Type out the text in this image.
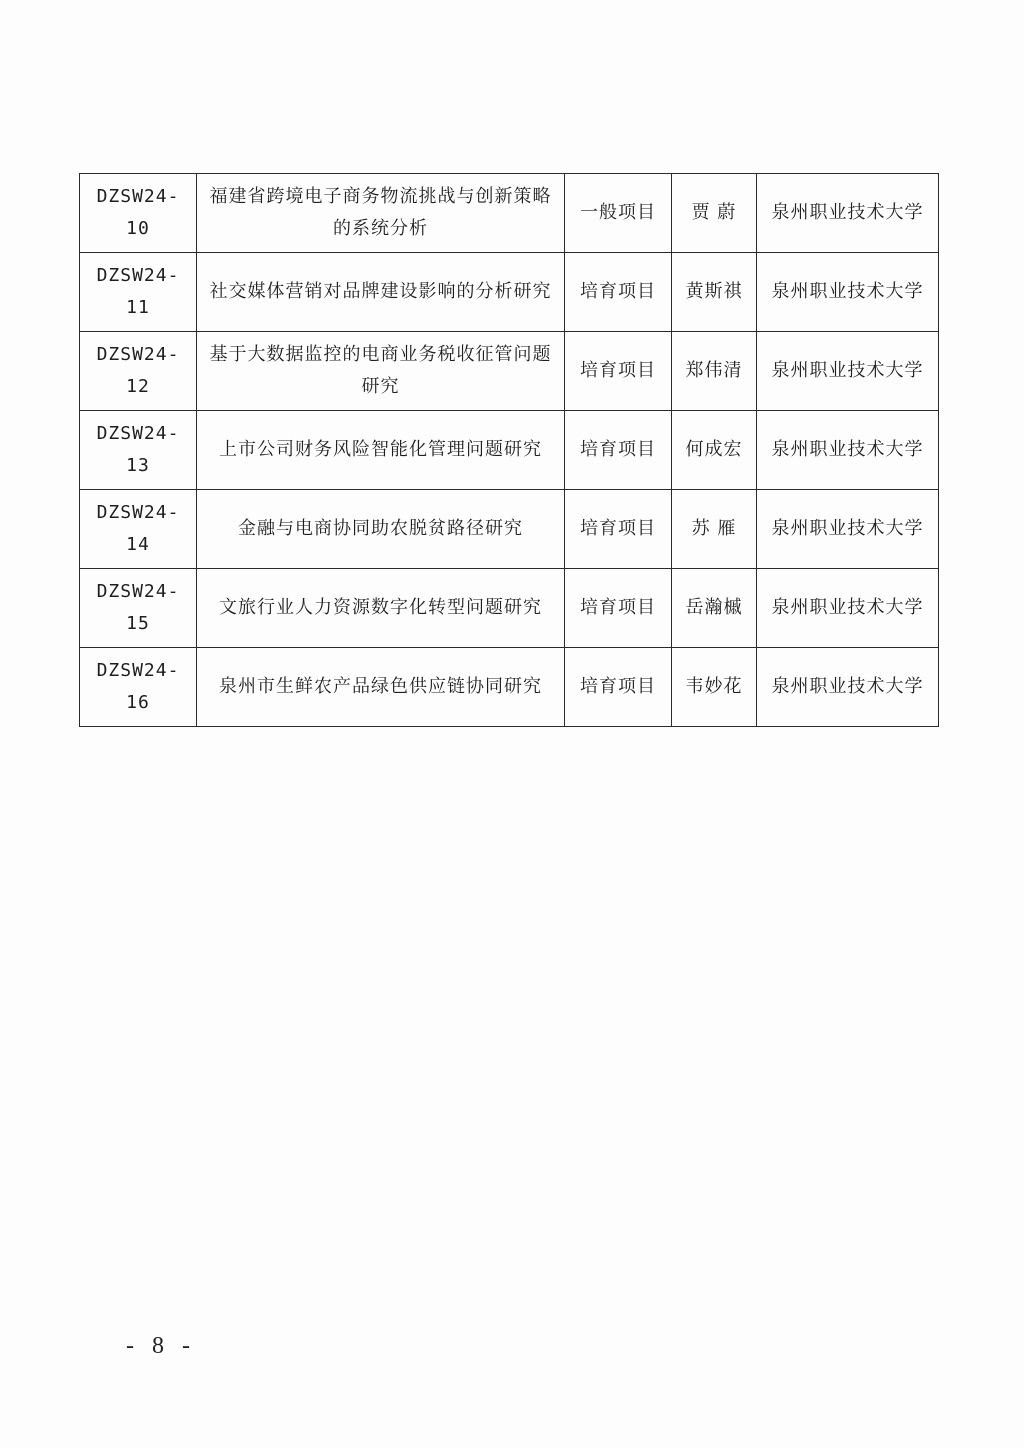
DZSW24-10	福建省跨境电子商务物流挑战与创新策略的系统分析	一般项目	贾 蔚	泉州职业技术大学
DZSW24-11	社交媒体营销对品牌建设影响的分析研究	培育项目	黄斯祺	泉州职业技术大学
DZSW24-12	基于大数据监控的电商业务税收征管问题研究	培育项目	郑伟清	泉州职业技术大学
DZSW24-13	上市公司财务风险智能化管理问题研究	培育项目	何成宏	泉州职业技术大学
DZSW24-14	金融与电商协同助农脱贫路径研究	培育项目	苏 雁	泉州职业技术大学
DZSW24-15	文旅行业人力资源数字化转型问题研究	培育项目	岳瀚槭	泉州职业技术大学
DZSW24-16	泉州市生鲜农产品绿色供应链协同研究	培育项目	韦妙花	泉州职业技术大学
- 8 -
